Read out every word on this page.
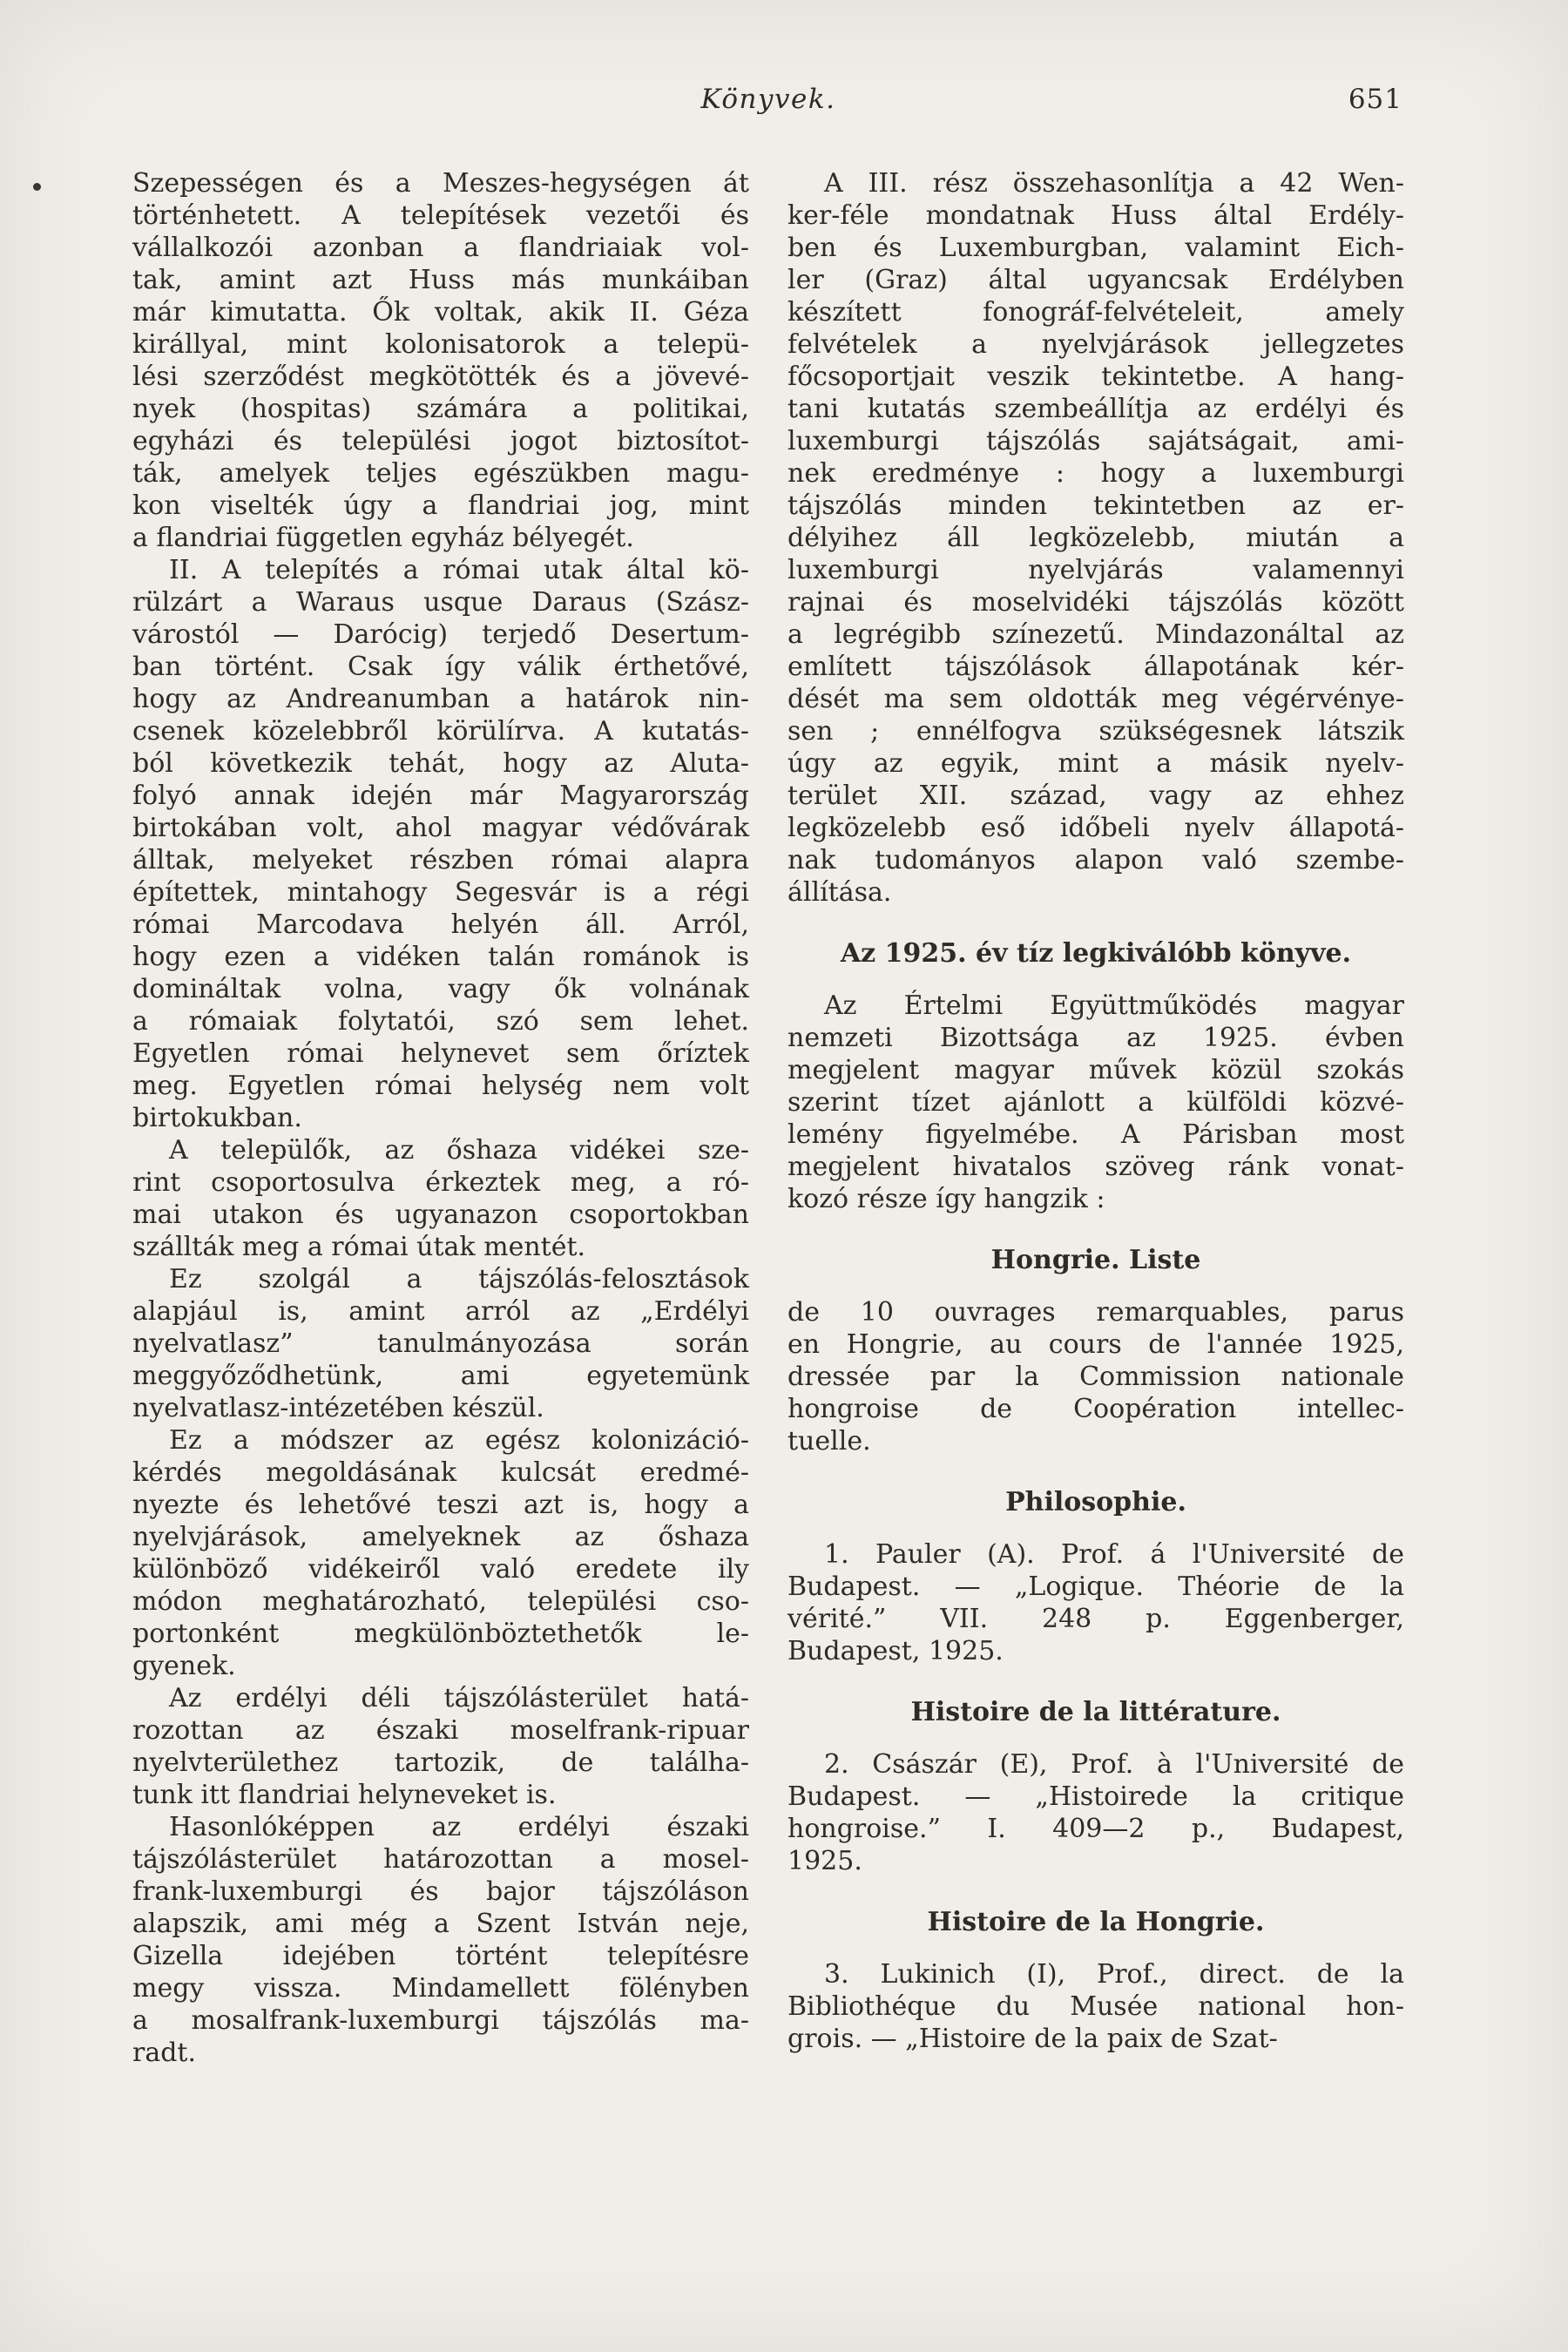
Könyvek.	651

Szepességen és a Meszes-hegységen át
történhetett. A telepítések vezetői és
vállalkozói azonban a flandriaiak vol-
tak, amint azt Huss más munkáiban
már kimutatta. Ők voltak, akik II. Géza
királlyal, mint kolonisatorok a telepü-
lési szerződést megkötötték és a jövevé-
nyek (hospitas) számára a politikai,
egyházi és települési jogot biztosítot-
ták, amelyek teljes egészükben magu-
kon viselték úgy a flandriai jog, mint
a flandriai független egyház bélyegét.

II. A telepítés a római utak által kö-
rülzárt a Waraus usque Daraus (Szász-
várostól — Darócig) terjedő Desertum-
ban történt. Csak így válik érthetővé,
hogy az Andreanumban a határok nin-
csenek közelebbről körülírva. A kutatás-
ból következik tehát, hogy az Aluta-
folyó annak idején már Magyarország
birtokában volt, ahol magyar védővárak
álltak, melyeket részben római alapra
építettek, mintahogy Segesvár is a régi
római Marcodava helyén áll. Arról,
hogy ezen a vidéken talán románok is
domináltak volna, vagy ők volnának
a rómaiak folytatói, szó sem lehet.
Egyetlen római helynevet sem őríztek
meg. Egyetlen római helység nem volt
birtokukban.

A települők, az őshaza vidékei sze-
rint csoportosulva érkeztek meg, a ró-
mai utakon és ugyanazon csoportokban
szállták meg a római útak mentét.

Ez szolgál a tájszólás-felosztások
alapjául is, amint arról az „Erdélyi
nyelvatlasz” tanulmányozása során
meggyőződhetünk, ami egyetemünk
nyelvatlasz-intézetében készül.

Ez a módszer az egész kolonizáció-
kérdés megoldásának kulcsát eredmé-
nyezte és lehetővé teszi azt is, hogy a
nyelvjárások, amelyeknek az őshaza
különböző vidékeiről való eredete ily
módon meghatározható, települési cso-
portonként megkülönböztethetők le-
gyenek.

Az erdélyi déli tájszólásterület hatá-
rozottan az északi moselfrank-ripuar
nyelvterülethez tartozik, de találha-
tunk itt flandriai helyneveket is.

Hasonlóképpen az erdélyi északi
tájszólásterület határozottan a mosel-
frank-luxemburgi és bajor tájszóláson
alapszik, ami még a Szent István neje,
Gizella idejében történt telepítésre
megy vissza. Mindamellett fölényben
a mosalfrank-luxemburgi tájszólás ma-
radt.

A III. rész összehasonlítja a 42 Wen-
ker-féle mondatnak Huss által Erdély-
ben és Luxemburgban, valamint Eich-
ler (Graz) által ugyancsak Erdélyben
készített fonográf-felvételeit, amely
felvételek a nyelvjárások jellegzetes
főcsoportjait veszik tekintetbe. A hang-
tani kutatás szembeállítja az erdélyi és
luxemburgi tájszólás sajátságait, ami-
nek eredménye : hogy a luxemburgi
tájszólás minden tekintetben az er-
délyihez áll legközelebb, miután a
luxemburgi nyelvjárás valamennyi
rajnai és moselvidéki tájszólás között
a legrégibb színezetű. Mindazonáltal az
említett tájszólások állapotának kér-
dését ma sem oldották meg végérvénye-
sen ; ennélfogva szükségesnek látszik
úgy az egyik, mint a másik nyelv-
terület XII. század, vagy az ehhez
legközelebb eső időbeli nyelv állapotá-
nak tudományos alapon való szembe-
állítása.

Az 1925. év tíz legkiválóbb könyve.

Az Értelmi Együttműködés magyar
nemzeti Bizottsága az 1925. évben
megjelent magyar művek közül szokás
szerint tízet ajánlott a külföldi közvé-
lemény figyelmébe. A Párisban most
megjelent hivatalos szöveg ránk vonat-
kozó része így hangzik :

Hongrie. Liste

de 10 ouvrages remarquables, parus
en Hongrie, au cours de l'année 1925,
dressée par la Commission nationale
hongroise de Coopération intellec-
tuelle.

Philosophie.

1. Pauler (A). Prof. á l'Université de
Budapest. — „Logique. Théorie de la
vérité.” VII. 248 p. Eggenberger,
Budapest, 1925.

Histoire de la littérature.

2. Császár (E), Prof. à l'Université de
Budapest. — „Histoirede la critique
hongroise.” I. 409—2 p., Budapest,
1925.

Histoire de la Hongrie.

3. Lukinich (I), Prof., direct. de la
Bibliothéque du Musée national hon-
grois. — „Histoire de la paix de Szat-
